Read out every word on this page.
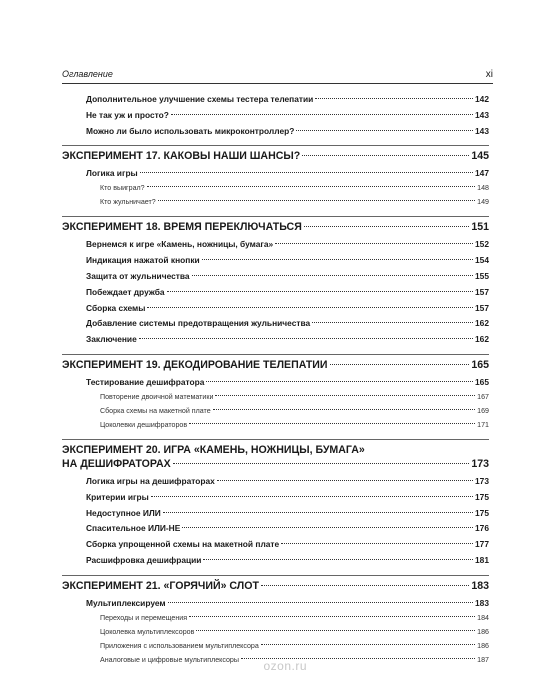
Оглавление	xi
Дополнительное улучшение схемы тестера телепатии	142
Не так уж и просто?	143
Можно ли было использовать микроконтроллер?	143
ЭКСПЕРИМЕНТ 17. КАКОВЫ НАШИ ШАНСЫ?	145
Логика игры	147
Кто выиграл?	148
Кто жульничает?	149
ЭКСПЕРИМЕНТ 18. ВРЕМЯ ПЕРЕКЛЮЧАТЬСЯ	151
Вернемся к игре «Камень, ножницы, бумага»	152
Индикация нажатой кнопки	154
Защита от жульничества	155
Побеждает дружба	157
Сборка схемы	157
Добавление системы предотвращения жульничества	162
Заключение	162
ЭКСПЕРИМЕНТ 19. ДЕКОДИРОВАНИЕ ТЕЛЕПАТИИ	165
Тестирование дешифратора	165
Повторение двоичной математики	167
Сборка схемы на макетной плате	169
Цоколевки дешифраторов	171
ЭКСПЕРИМЕНТ 20. ИГРА «КАМЕНЬ, НОЖНИЦЫ, БУМАГА»
НА ДЕШИФРАТОРАХ	173
Логика игры на дешифраторах	173
Критерии игры	175
Недоступное ИЛИ	175
Спасительное ИЛИ-НЕ	176
Сборка упрощенной схемы на макетной плате	177
Расшифровка дешифрации	181
ЭКСПЕРИМЕНТ 21. «ГОРЯЧИЙ» СЛОТ	183
Мультиплексируем	183
Переходы и перемещения	184
Цоколевка мультиплексоров	186
Приложения с использованием мультиплексора	186
Аналоговые и цифровые мультиплексоры	187
ozon.ru
